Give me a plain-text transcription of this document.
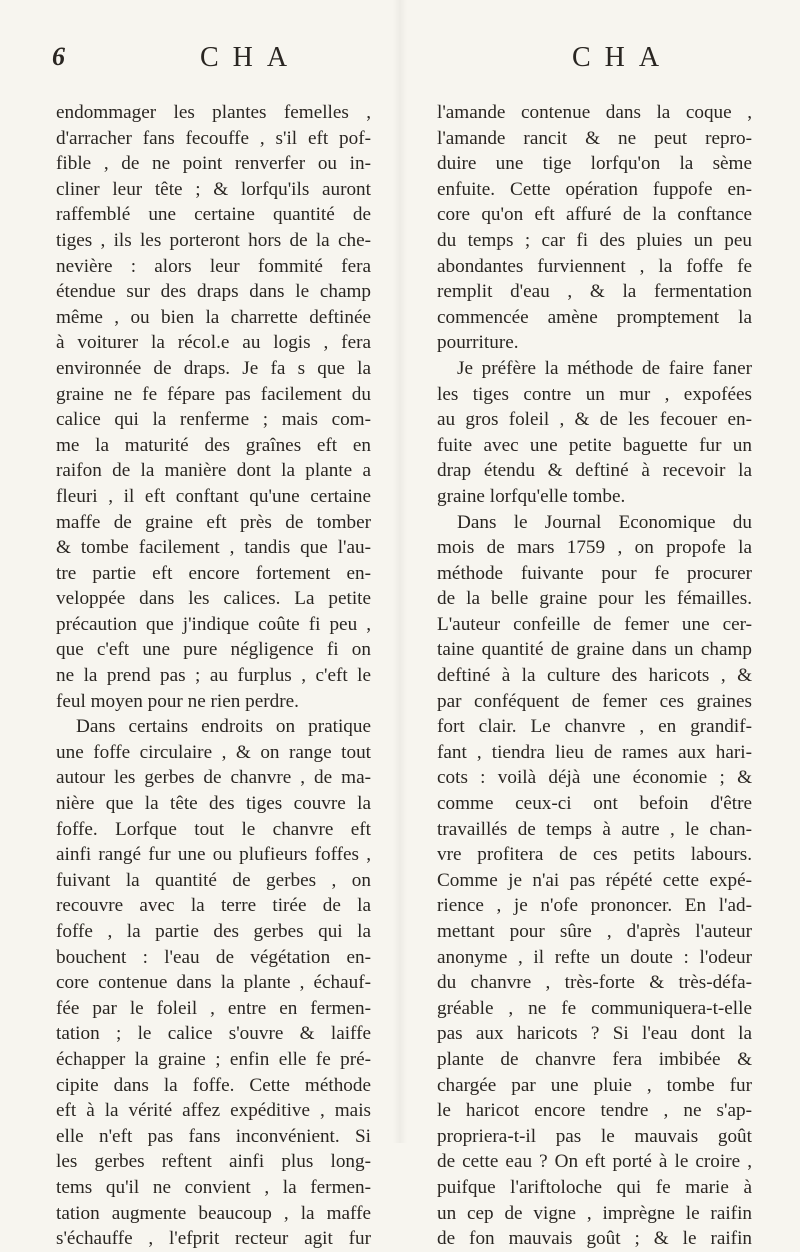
6	CHA	CHA
endommager les plantes femelles ,
d'arracher fans fecouffe , s'il eft pof-
fible , de ne point renverfer ou in-
cliner leur tête ; & lorfqu'ils auront
raffemblé une certaine quantité de
tiges , ils les porteront hors de la che-
nevière : alors leur fommité fera
étendue sur des draps dans le champ
même , ou bien la charrette deftinée
à voiturer la récol.e au logis , fera
environnée de draps. Je fa s que la
graine ne fe fépare pas facilement du
calice qui la renferme ; mais com-
me la maturité des graînes eft en
raifon de la manière dont la plante a
fleuri , il eft conftant qu'une certaine
maffe de graine eft près de tomber
& tombe facilement , tandis que l'au-
tre partie eft encore fortement en-
veloppée dans les calices. La petite
précaution que j'indique coûte fi peu ,
que c'eft une pure négligence fi on
ne la prend pas ; au furplus , c'eft le
feul moyen pour ne rien perdre.
Dans certains endroits on pratique
une foffe circulaire , & on range tout
autour les gerbes de chanvre , de ma-
nière que la tête des tiges couvre la
foffe. Lorfque tout le chanvre eft
ainfi rangé fur une ou plufieurs foffes ,
fuivant la quantité de gerbes , on
recouvre avec la terre tirée de la
foffe , la partie des gerbes qui la
bouchent : l'eau de végétation en-
core contenue dans la plante , échauf-
fée par le foleil , entre en fermen-
tation ; le calice s'ouvre & laiffe
échapper la graine ; enfin elle fe pré-
cipite dans la foffe. Cette méthode
eft à la vérité affez expéditive , mais
elle n'eft pas fans inconvénient. Si
les gerbes reftent ainfi plus long-
tems qu'il ne convient , la fermen-
tation augmente beaucoup , la maffe
s'échauffe , l'efprit recteur agit fur
l'amande contenue dans la coque ,
l'amande rancit & ne peut repro-
duire une tige lorfqu'on la sème
enfuite. Cette opération fuppofe en-
core qu'on eft affuré de la conftance
du temps ; car fi des pluies un peu
abondantes furviennent , la foffe fe
remplit d'eau , & la fermentation
commencée amène promptement la
pourriture.
Je préfère la méthode de faire faner
les tiges contre un mur , expofées
au gros foleil , & de les fecouer en-
fuite avec une petite baguette fur un
drap étendu & deftiné à recevoir la
graine lorfqu'elle tombe.
Dans le Journal Economique du
mois de mars 1759 , on propofe la
méthode fuivante pour fe procurer
de la belle graine pour les fémailles.
L'auteur confeille de femer une cer-
taine quantité de graine dans un champ
deftiné à la culture des haricots , &
par conféquent de femer ces graines
fort clair. Le chanvre , en grandif-
fant , tiendra lieu de rames aux hari-
cots : voilà déjà une économie ; &
comme ceux-ci ont befoin d'être
travaillés de temps à autre , le chan-
vre profitera de ces petits labours.
Comme je n'ai pas répété cette expé-
rience , je n'ofe prononcer. En l'ad-
mettant pour sûre , d'après l'auteur
anonyme , il refte un doute : l'odeur
du chanvre , très-forte & très-défa-
gréable , ne fe communiquera-t-elle
pas aux haricots ? Si l'eau dont la
plante de chanvre fera imbibée &
chargée par une pluie , tombe fur
le haricot encore tendre , ne s'ap-
propriera-t-il pas le mauvais goût
de cette eau ? On eft porté à le croire ,
puifque l'ariftoloche qui fe marie à
un cep de vigne , imprègne le raifin
de fon mauvais goût ; & le raifin
